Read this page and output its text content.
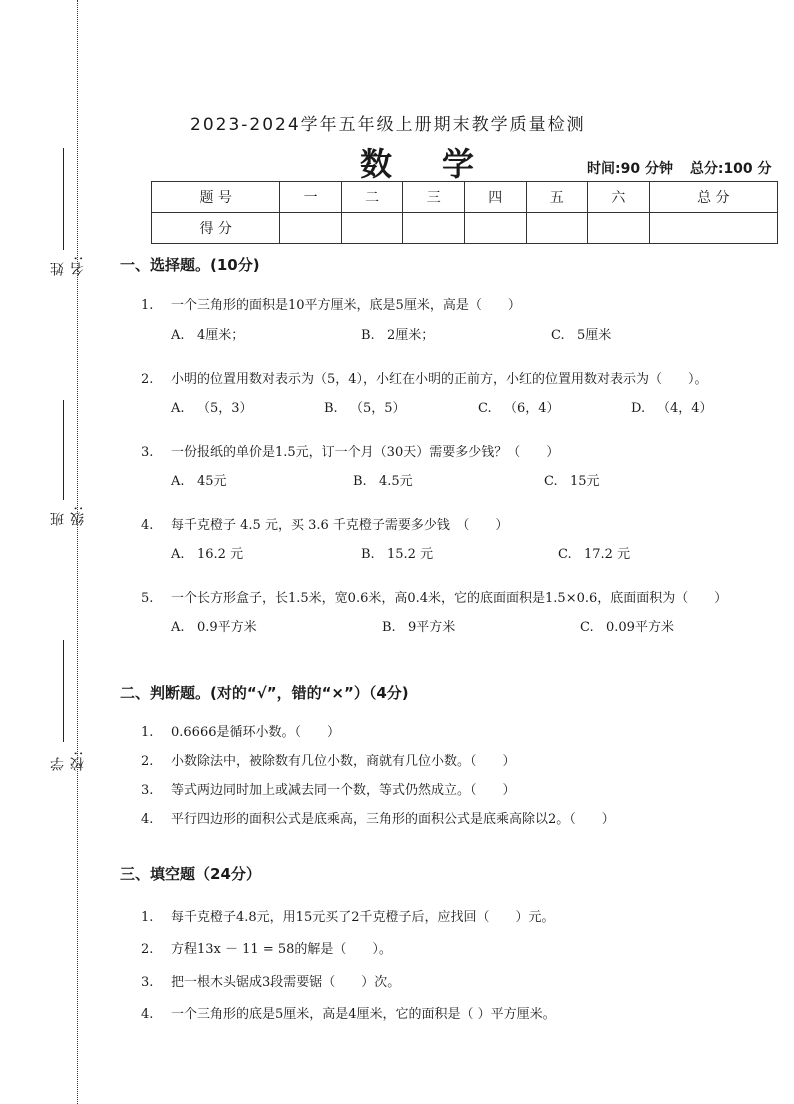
姓名:
班级:
学校:
2023-2024学年五年级上册期末教学质量检测
数学	时间:90 分钟 总分:100 分
题 号	一	二	三	四	五	六	总 分
得 分							
一、选择题。(10分)
1. 一个三角形的面积是10平方厘米，底是5厘米，高是（　　）
A. 4厘米；	B. 2厘米；	C. 5厘米
2. 小明的位置用数对表示为（5，4），小红在小明的正前方，小红的位置用数对表示为（　　）。
A. （5，3）	B. （5，5）	C. （6，4）	D. （4，4）
3. 一份报纸的单价是1.5元，订一个月（30天）需要多少钱？（　　）
A. 45元	B. 4.5元	C. 15元
4. 每千克橙子 4.5 元，买 3.6 千克橙子需要多少钱　（　　）
A. 16.2 元	B. 15.2 元	C. 17.2 元
5. 一个长方形盒子，长1.5米，宽0.6米，高0.4米，它的底面面积是1.5×0.6，底面面积为（　　）
A. 0.9平方米	B. 9平方米	C. 0.09平方米
二、判断题。(对的“√”，错的“×”）（4分)
1. 0.6666是循环小数。（　　）
2. 小数除法中，被除数有几位小数，商就有几位小数。（　　）
3. 等式两边同时加上或减去同一个数，等式仍然成立。（　　）
4. 平行四边形的面积公式是底乘高，三角形的面积公式是底乘高除以2。（　　）
三、填空题（24分）
1. 每千克橙子4.8元，用15元买了2千克橙子后，应找回（　　）元。
2. 方程13x － 11 = 58的解是（　　）。
3. 把一根木头锯成3段需要锯（　　）次。
4. 一个三角形的底是5厘米，高是4厘米，它的面积是（ ）平方厘米。
